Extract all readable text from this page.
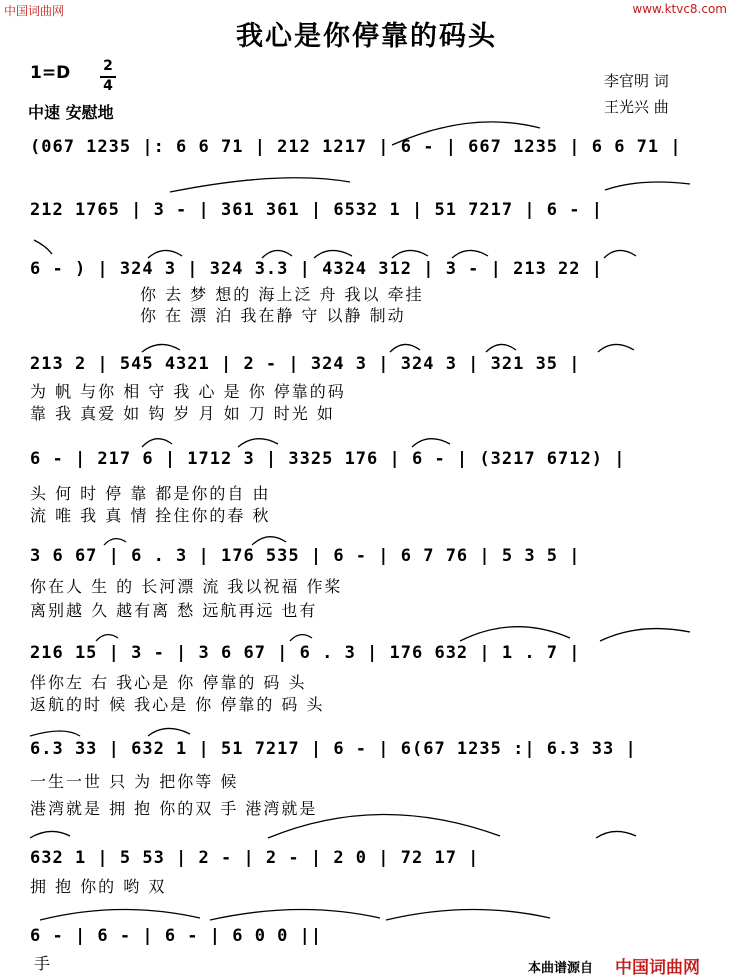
中国词曲网	www.ktvc8.com
我心是你停靠的码头
1=D 2
4
中速 安慰地
李官明 词
王光兴 曲
(067 1235 |: 6 6 71 | 212 1217 | 6 - | 667 1235 | 6 6 71 |
212 1765 | 3 - | 361 361 | 6532 1 | 51 7217 | 6 - |
6 - ) | 324 3 | 324 3.3 | 4324 312 | 3 - | 213 22 |
你 去 梦 想的 海上泛 舟 我以 牵挂
你 在 漂 泊 我在静 守 以静 制动
213 2 | 545 4321 | 2 - | 324 3 | 324 3 | 321 35 |
为 帆 与你 相 守 我 心 是 你 停靠的码
靠 我 真爱 如 钩 岁 月 如 刀 时光 如
6 - | 217 6 | 1712 3 | 3325 176 | 6 - | (3217 6712) |
头 何 时 停 靠 都是你的自 由
流 唯 我 真 情 拴住你的春 秋
3 6 67 | 6 . 3 | 176 535 | 6 - | 6 7 76 | 5 3 5 |
你在人 生 的 长河漂 流 我以祝福 作桨
离别越 久 越有离 愁 远航再远 也有
216 15 | 3 - | 3 6 67 | 6 . 3 | 176 632 | 1 . 7 |
伴你左 右 我心是 你 停靠的 码 头
返航的时 候 我心是 你 停靠的 码 头
6.3 33 | 632 1 | 51 7217 | 6 - | 6(67 1235 :| 6.3 33 |
一生一世 只 为 把你等 候
港湾就是 拥 抱 你的双 手 港湾就是
632 1 | 5 53 | 2 - | 2 - | 2 0 | 72 17 |
拥 抱 你的 哟 双
6 - | 6 - | 6 - | 6 0 0 ||
手	本曲谱源自 中国词曲网
